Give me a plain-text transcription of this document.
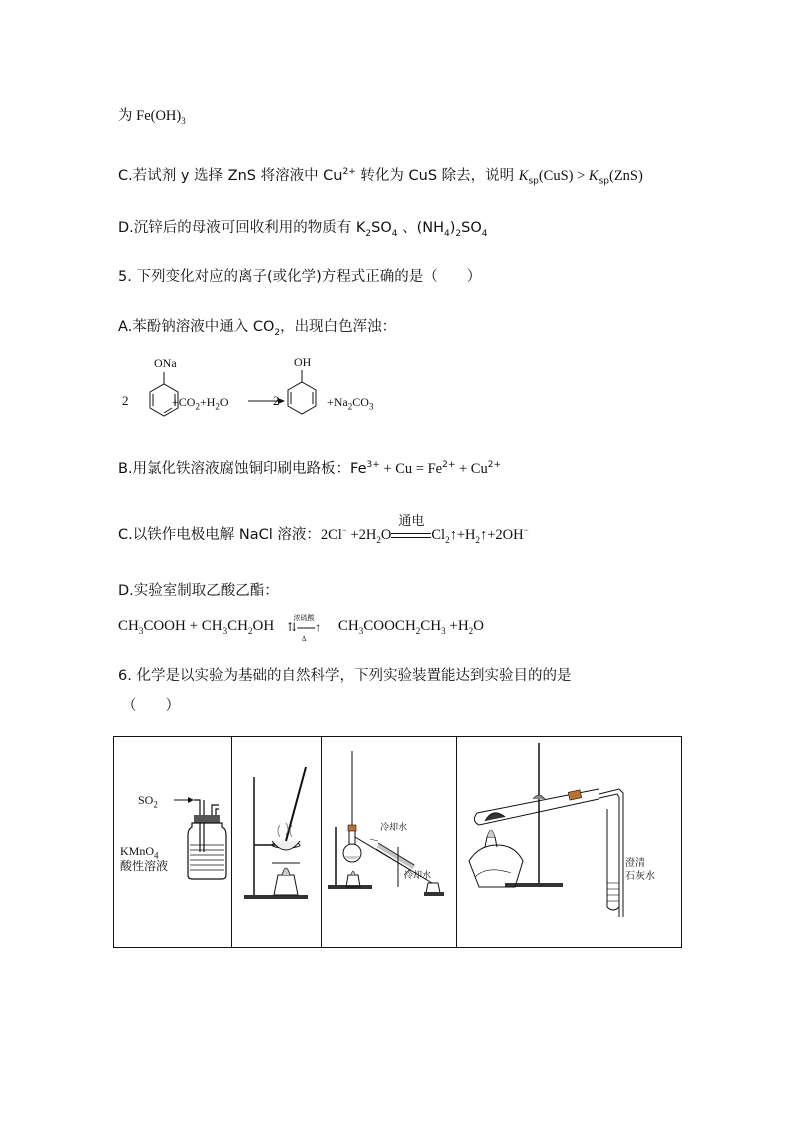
为 $Fe(OH)_3$
C.若试剂 y 选择 ZnS 将溶液中 $Cu^{2+}$ 转化为 CuS 除去，说明 $K_{sp}(CuS) > K_{sp}(ZnS)$
D.沉锌后的母液可回收利用的物质有 $K_2SO_4$ 、$(NH_4)_2SO_4$
5. 下列变化对应的离子(或化学)方程式正确的是（　　）
A.苯酚钠溶液中通入 $CO_2$，出现白色浑浊：
2
ONa
$+CO_2+H_2O$	2
OH
$+Na_2CO_3$
B.用氯化铁溶液腐蚀铜印刷电路板：$Fe^{3+} + Cu = Fe^{2+} + Cu^{2+}$
C.以铁作电极电解 NaCl 溶液：$2Cl^- +2H_2O$
通电
$Cl_2↑+H_2↑+2OH^-$
D.实验室制取乙酸乙酯：
$CH_3COOH + CH_3CH_2OH$
浓硫酸
⇅⎯⎯⎯↑
Δ
$CH_3COOCH_2CH_3 +H_2O$
6. 化学是以实验为基础的自然科学，下列实验装置能达到实验目的的是
（　　）
$SO_2$
KMnO$_4$
酸性溶液
冷却水
冷却水
澄清
石灰水
